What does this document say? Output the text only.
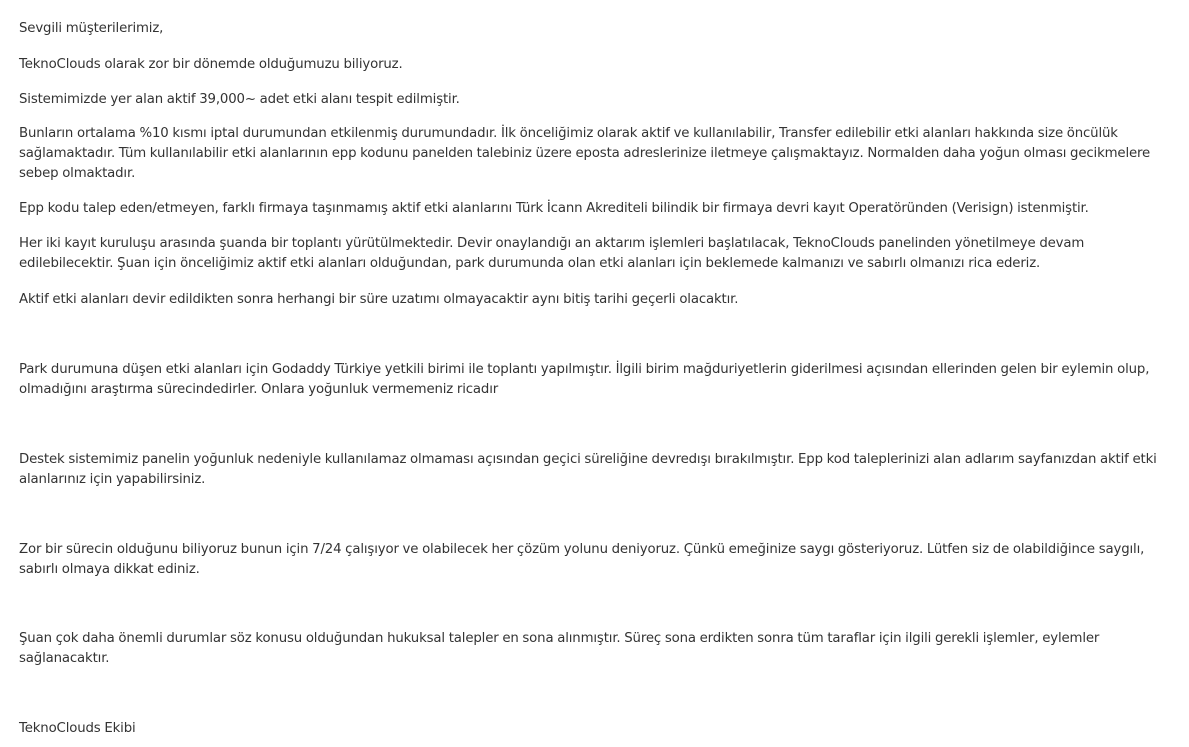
Sevgili müşterilerimiz,

TeknoClouds olarak zor bir dönemde olduğumuzu biliyoruz.

Sistemimizde yer alan aktif 39,000~ adet etki alanı tespit edilmiştir.

Bunların ortalama %10 kısmı iptal durumundan etkilenmiş durumundadır. İlk önceliğimiz olarak aktif ve kullanılabilir, Transfer edilebilir etki alanları hakkında size öncülük sağlamaktadır. Tüm kullanılabilir etki alanlarının epp kodunu panelden talebiniz üzere eposta adreslerinize iletmeye çalışmaktayız. Normalden daha yoğun olması gecikmelere sebep olmaktadır.

Epp kodu talep eden/etmeyen, farklı firmaya taşınmamış aktif etki alanlarını Türk İcann Akrediteli bilindik bir firmaya devri kayıt Operatöründen (Verisign) istenmiştir.

Her iki kayıt kuruluşu arasında şuanda bir toplantı yürütülmektedir. Devir onaylandığı an aktarım işlemleri başlatılacak, TeknoClouds panelinden yönetilmeye devam edilebilecektir. Şuan için önceliğimiz aktif etki alanları olduğundan, park durumunda olan etki alanları için beklemede kalmanızı ve sabırlı olmanızı rica ederiz.

Aktif etki alanları devir edildikten sonra herhangi bir süre uzatımı olmayacaktir aynı bitiş tarihi geçerli olacaktır.

Park durumuna düşen etki alanları için Godaddy Türkiye yetkili birimi ile toplantı yapılmıştır. İlgili birim mağduriyetlerin giderilmesi açısından ellerinden gelen bir eylemin olup, olmadığını araştırma sürecindedirler. Onlara yoğunluk vermemeniz ricadır

Destek sistemimiz panelin yoğunluk nedeniyle kullanılamaz olmaması açısından geçici süreliğine devredışı bırakılmıştır. Epp kod taleplerinizi alan adlarım sayfanızdan aktif etki alanlarınız için yapabilirsiniz.

Zor bir sürecin olduğunu biliyoruz bunun için 7/24 çalışıyor ve olabilecek her çözüm yolunu deniyoruz. Çünkü emeğinize saygı gösteriyoruz. Lütfen siz de olabildiğince saygılı, sabırlı olmaya dikkat ediniz.

Şuan çok daha önemli durumlar söz konusu olduğundan hukuksal talepler en sona alınmıştır. Süreç sona erdikten sonra tüm taraflar için ilgili gerekli işlemler, eylemler sağlanacaktır.

TeknoClouds Ekibi
